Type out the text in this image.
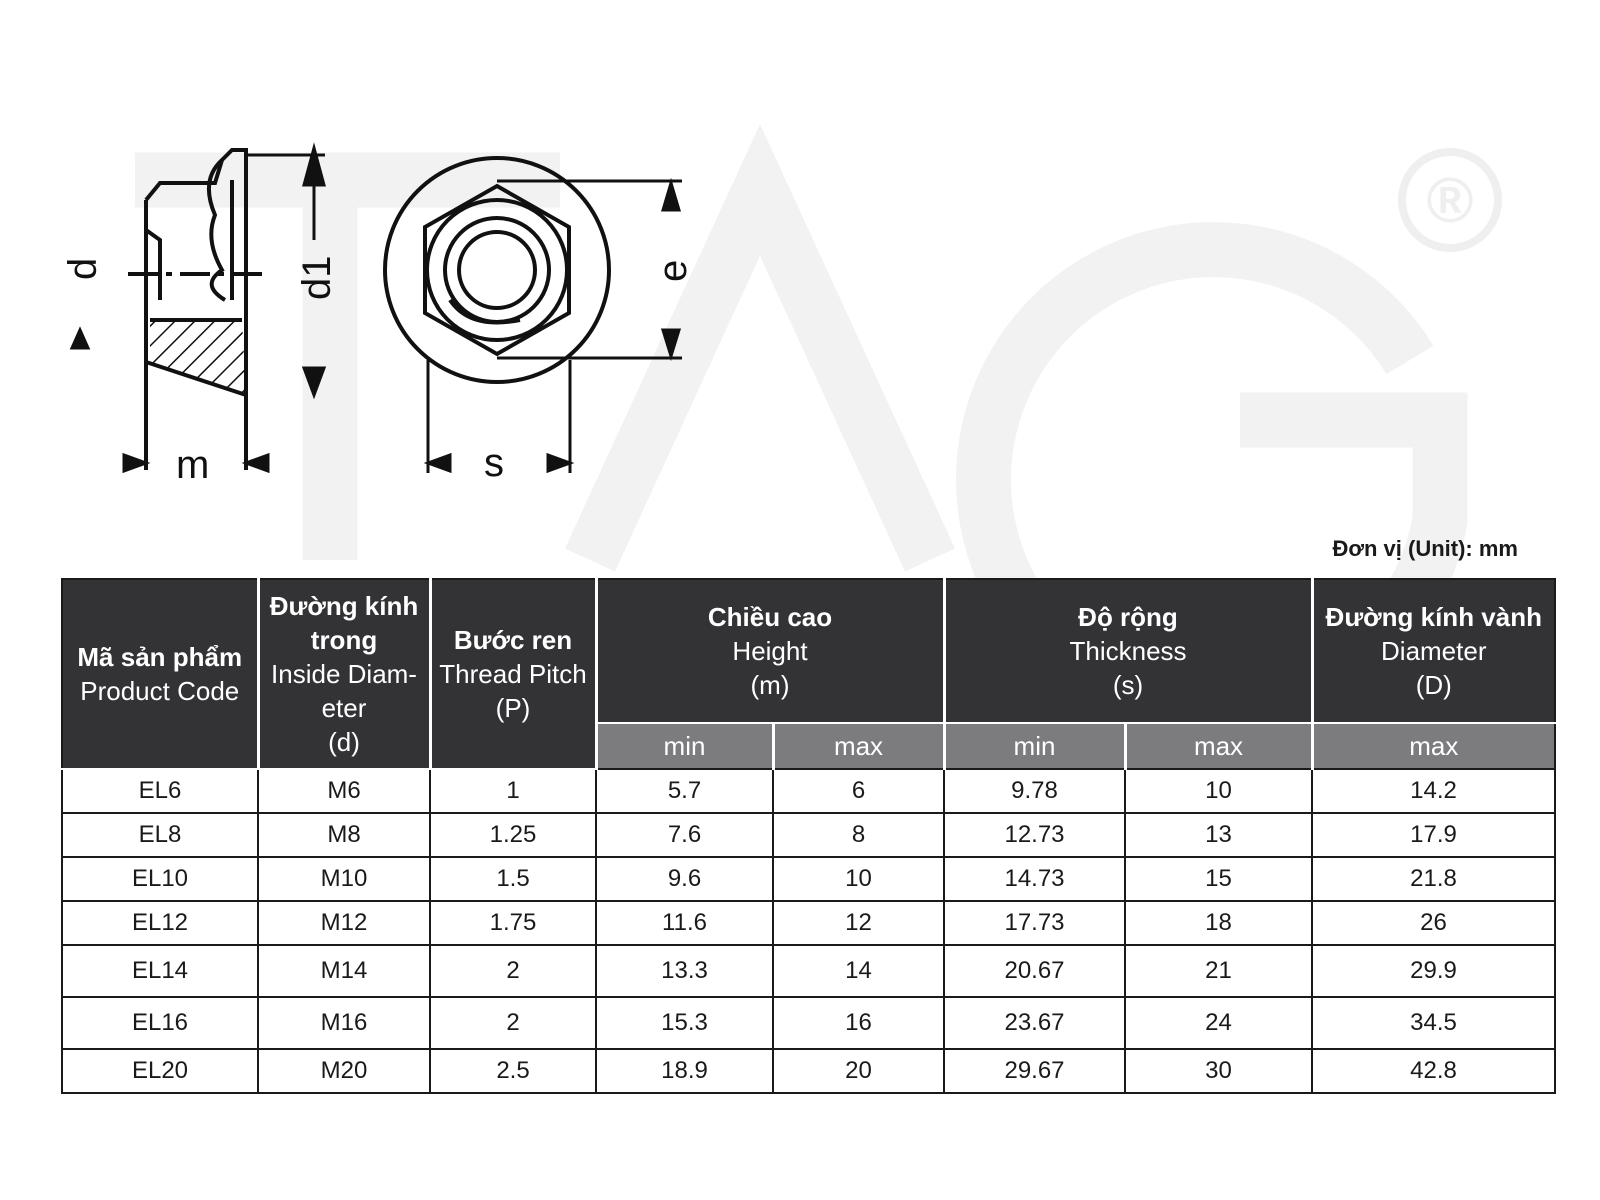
®
d	d1
m
e
s
Đơn vị (Unit): mm
Mã sản phẩm
Product Code	Đường kính trong
Inside Diam-eter
(d)	Bước ren
Thread Pitch
(P)	Chiều cao
Height
(m)		Độ rộng
Thickness
(s)		Đường kính vành
Diameter
(D)

			min	max	min	max	max
EL6	M6	1	5.7	6	9.78	10	14.2
EL8	M8	1.25	7.6	8	12.73	13	17.9
EL10	M10	1.5	9.6	10	14.73	15	21.8
EL12	M12	1.75	11.6	12	17.73	18	26
EL14	M14	2	13.3	14	20.67	21	29.9
EL16	M16	2	15.3	16	23.67	24	34.5
EL20	M20	2.5	18.9	20	29.67	30	42.8
